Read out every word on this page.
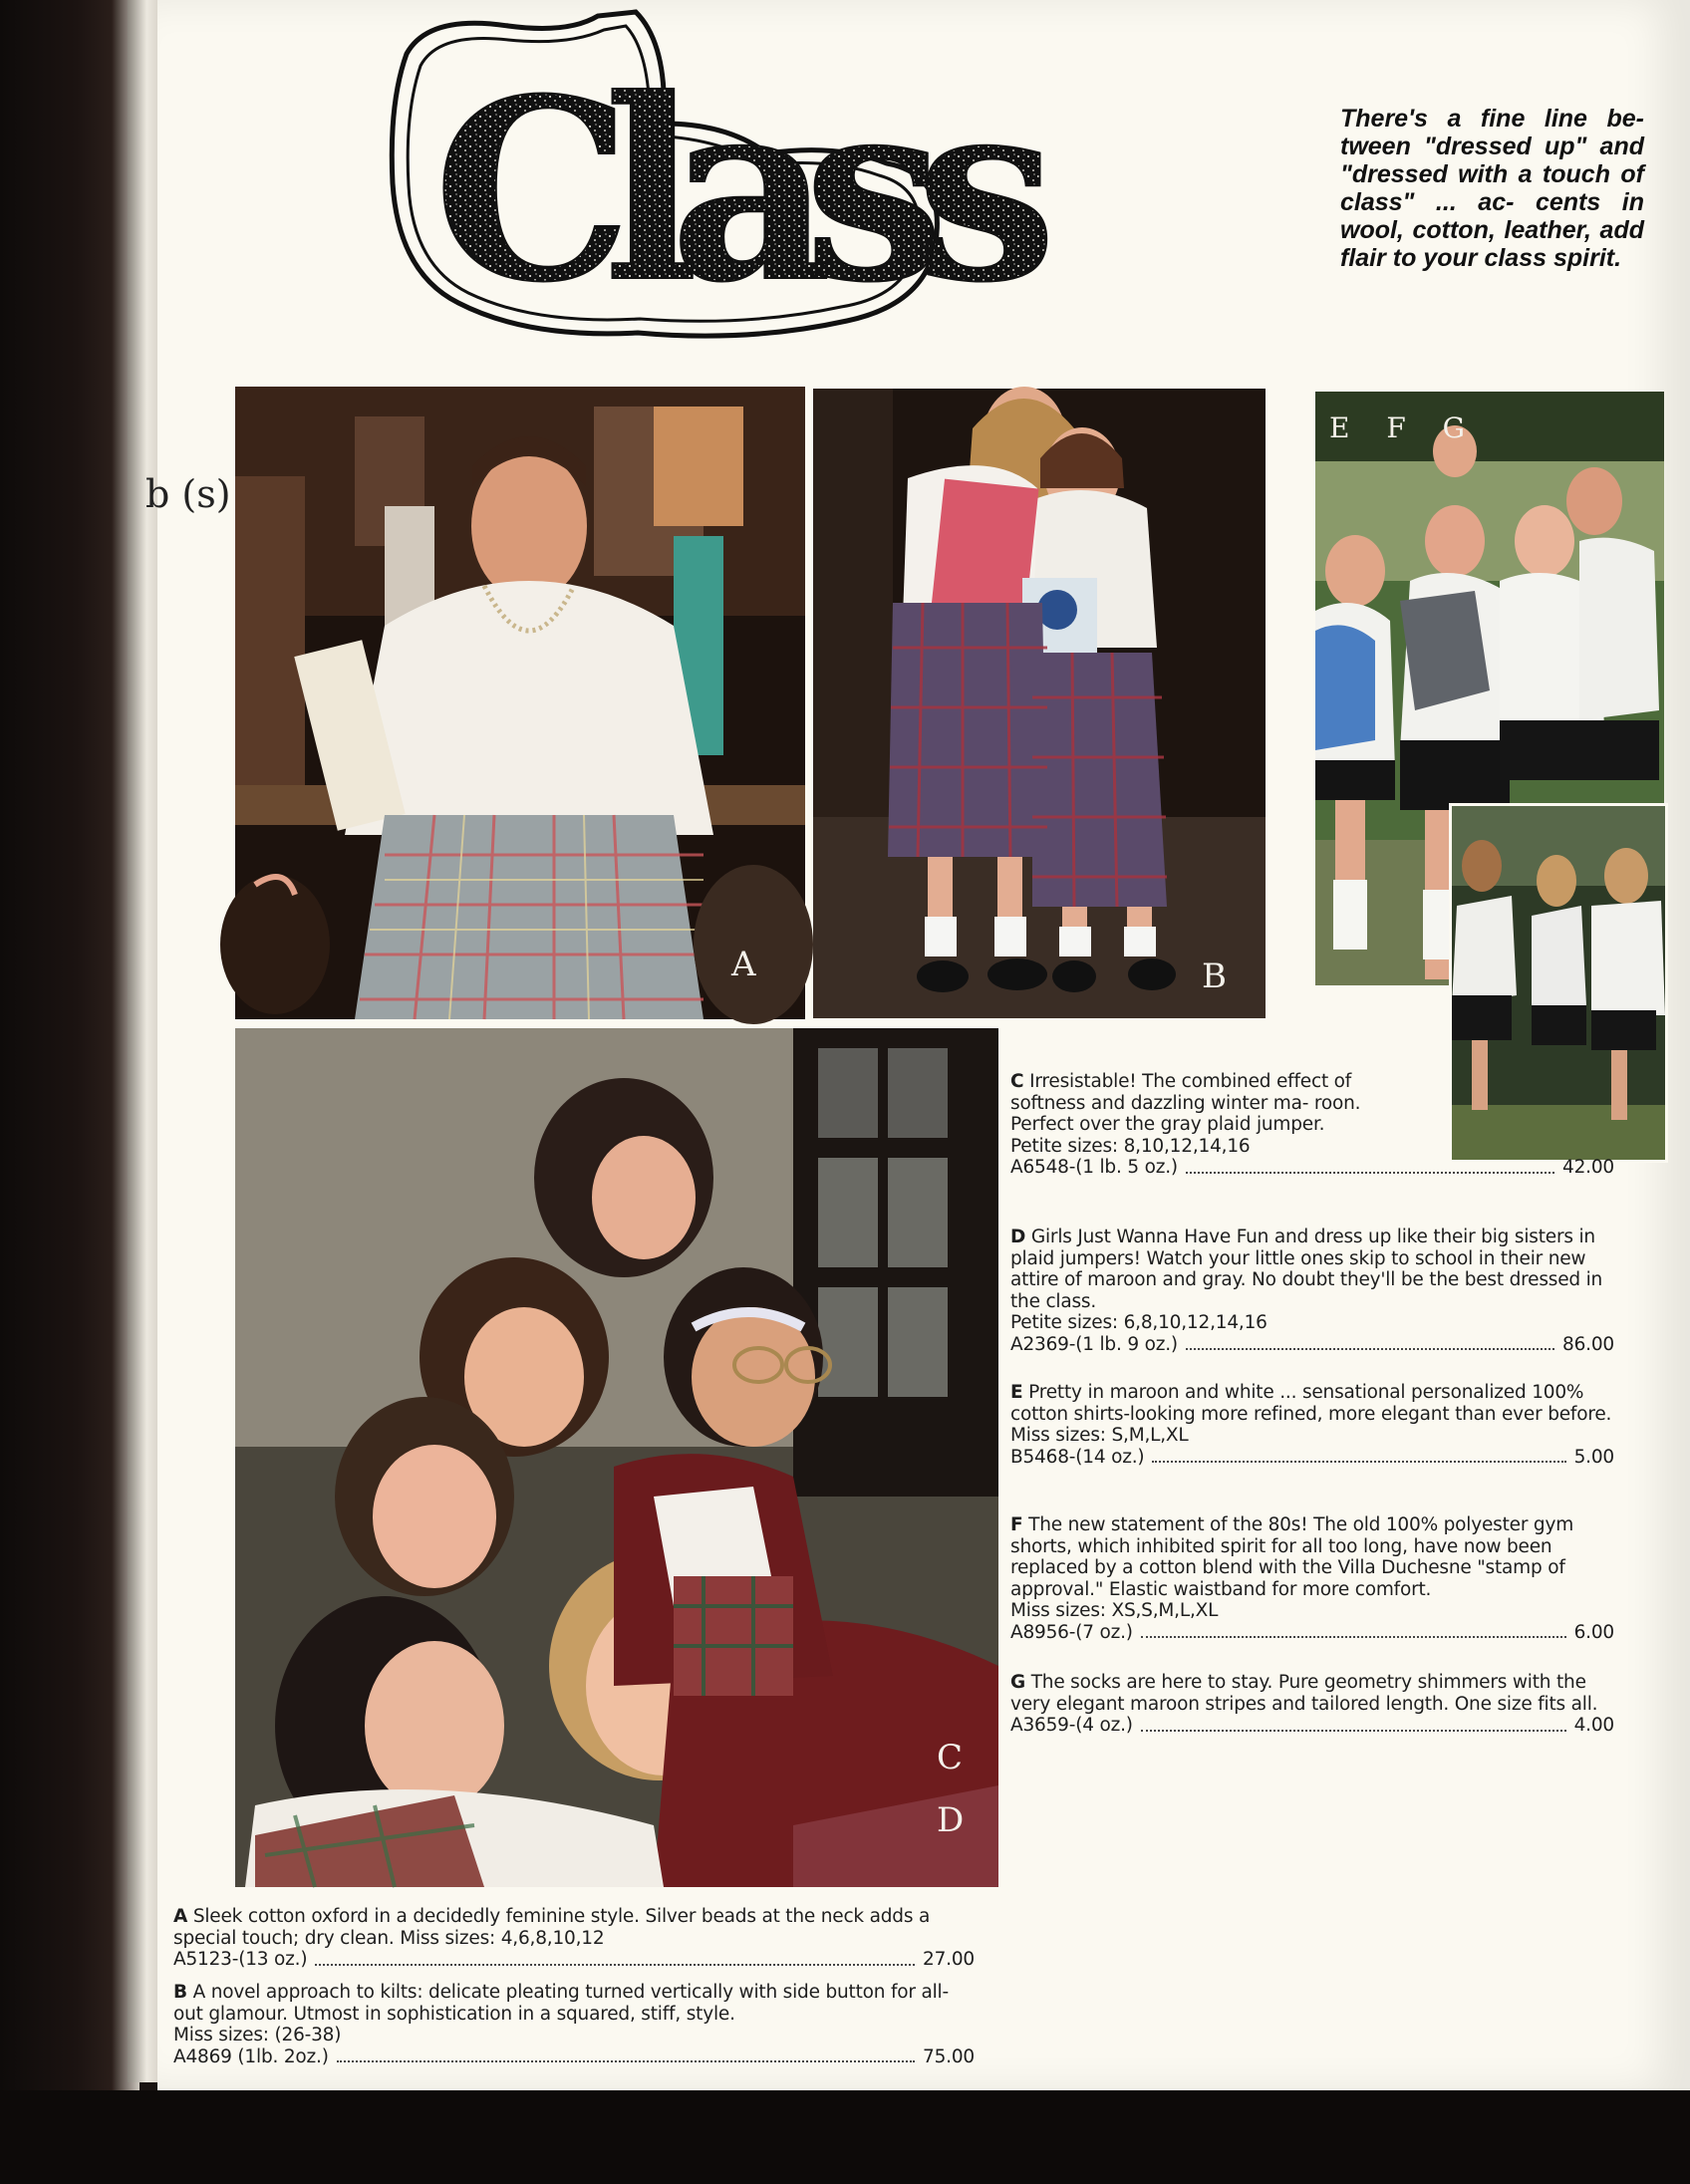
b (s)
Class	There's a fine line be- tween "dressed up" and "dressed with a touch of class" ... ac- cents in wool, cotton, leather, add flair to your class spirit.
A	B
E F G
C
D
C Irresistable! The combined effect of softness and dazzling winter ma- roon. Perfect over the gray plaid jumper.
Petite sizes: 8,10,12,14,16
A6548-(1 lb. 5 oz.)	42.00
D Girls Just Wanna Have Fun and dress up like their big sisters in plaid jumpers! Watch your little ones skip to school in their new attire of maroon and gray. No doubt they'll be the best dressed in the class.
Petite sizes: 6,8,10,12,14,16
A2369-(1 lb. 9 oz.)	86.00
E Pretty in maroon and white ... sensational personalized 100% cotton shirts-looking more refined, more elegant than ever before.
Miss sizes: S,M,L,XL
B5468-(14 oz.)	5.00
F The new statement of the 80s! The old 100% polyester gym shorts, which inhibited spirit for all too long, have now been replaced by a cotton blend with the Villa Duchesne "stamp of approval." Elastic waistband for more comfort.
Miss sizes: XS,S,M,L,XL
A8956-(7 oz.)	6.00
G The socks are here to stay. Pure geometry shimmers with the very elegant maroon stripes and tailored length. One size fits all.
A3659-(4 oz.)	4.00
A Sleek cotton oxford in a decidedly feminine style. Silver beads at the neck adds a special touch; dry clean. Miss sizes: 4,6,8,10,12
A5123-(13 oz.)	27.00
B A novel approach to kilts: delicate pleating turned vertically with side button for all-out glamour. Utmost in sophistication in a squared, stiff, style.
Miss sizes: (26-38)
A4869 (1lb. 2oz.)	75.00
